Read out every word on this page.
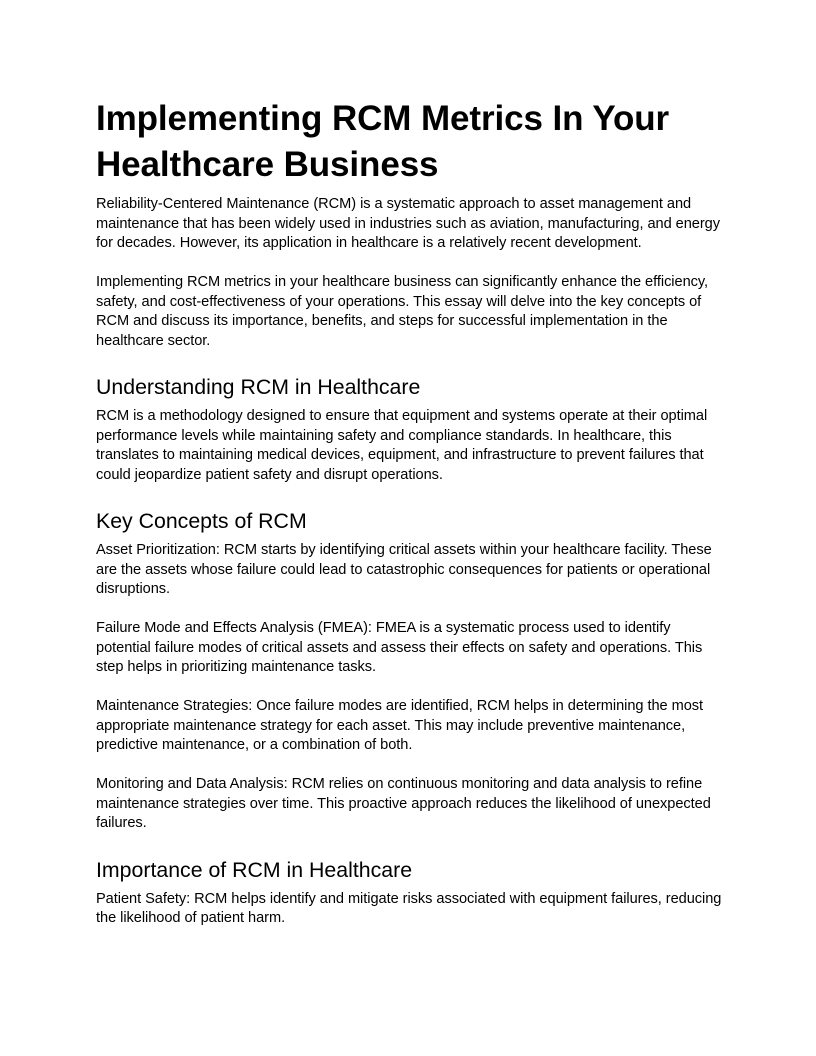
Implementing RCM Metrics In Your Healthcare Business

Reliability-Centered Maintenance (RCM) is a systematic approach to asset management and maintenance that has been widely used in industries such as aviation, manufacturing, and energy for decades. However, its application in healthcare is a relatively recent development.

Implementing RCM metrics in your healthcare business can significantly enhance the efficiency, safety, and cost-effectiveness of your operations. This essay will delve into the key concepts of RCM and discuss its importance, benefits, and steps for successful implementation in the healthcare sector.

Understanding RCM in Healthcare

RCM is a methodology designed to ensure that equipment and systems operate at their optimal performance levels while maintaining safety and compliance standards. In healthcare, this translates to maintaining medical devices, equipment, and infrastructure to prevent failures that could jeopardize patient safety and disrupt operations.

Key Concepts of RCM

Asset Prioritization: RCM starts by identifying critical assets within your healthcare facility. These are the assets whose failure could lead to catastrophic consequences for patients or operational disruptions.

Failure Mode and Effects Analysis (FMEA): FMEA is a systematic process used to identify potential failure modes of critical assets and assess their effects on safety and operations. This step helps in prioritizing maintenance tasks.

Maintenance Strategies: Once failure modes are identified, RCM helps in determining the most appropriate maintenance strategy for each asset. This may include preventive maintenance, predictive maintenance, or a combination of both.

Monitoring and Data Analysis: RCM relies on continuous monitoring and data analysis to refine maintenance strategies over time. This proactive approach reduces the likelihood of unexpected failures.

Importance of RCM in Healthcare

Patient Safety: RCM helps identify and mitigate risks associated with equipment failures, reducing the likelihood of patient harm.
